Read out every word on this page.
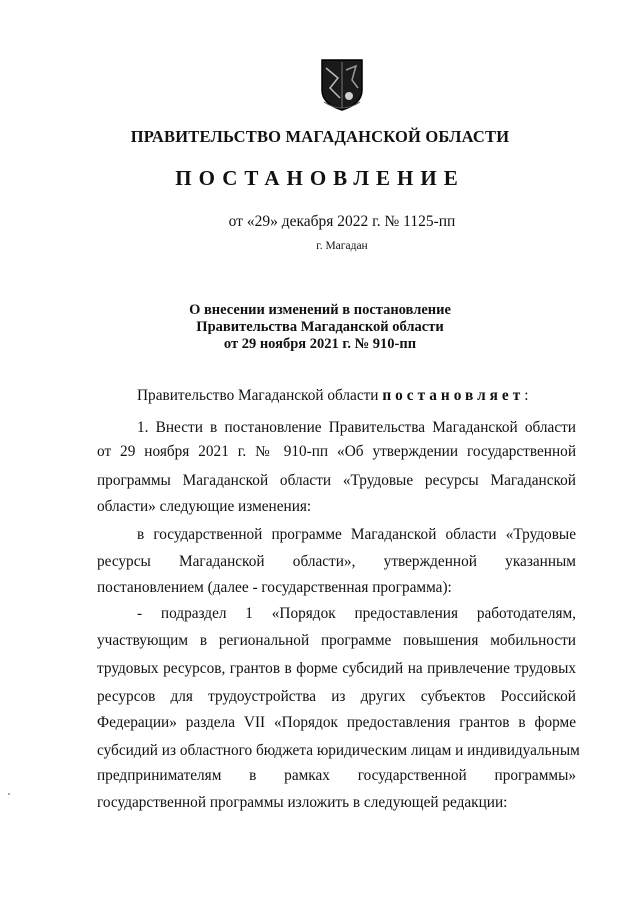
ПРАВИТЕЛЬСТВО МАГАДАНСКОЙ ОБЛАСТИ
ПОСТАНОВЛЕНИЕ
от «29» декабря 2022 г. № 1125-пп
г. Магадан
О внесении изменений в постановление
Правительства Магаданской области
от 29 ноября 2021 г. № 910-пп
Правительство Магаданской области постановляет:
1. Внести в постановление Правительства Магаданской области
от 29 ноября 2021 г. № 910-пп «Об утверждении государственной
программы Магаданской области «Трудовые ресурсы Магаданской
области» следующие изменения:
в государственной программе Магаданской области «Трудовые
ресурсы Магаданской области», утвержденной указанным
постановлением (далее - государственная программа):
- подраздел 1 «Порядок предоставления работодателям,
участвующим в региональной программе повышения мобильности
трудовых ресурсов, грантов в форме субсидий на привлечение трудовых
ресурсов для трудоустройства из других субъектов Российской
Федерации» раздела VII «Порядок предоставления грантов в форме
субсидий из областного бюджета юридическим лицам и индивидуальным
предпринимателям в рамках государственной программы»
государственной программы изложить в следующей редакции:
